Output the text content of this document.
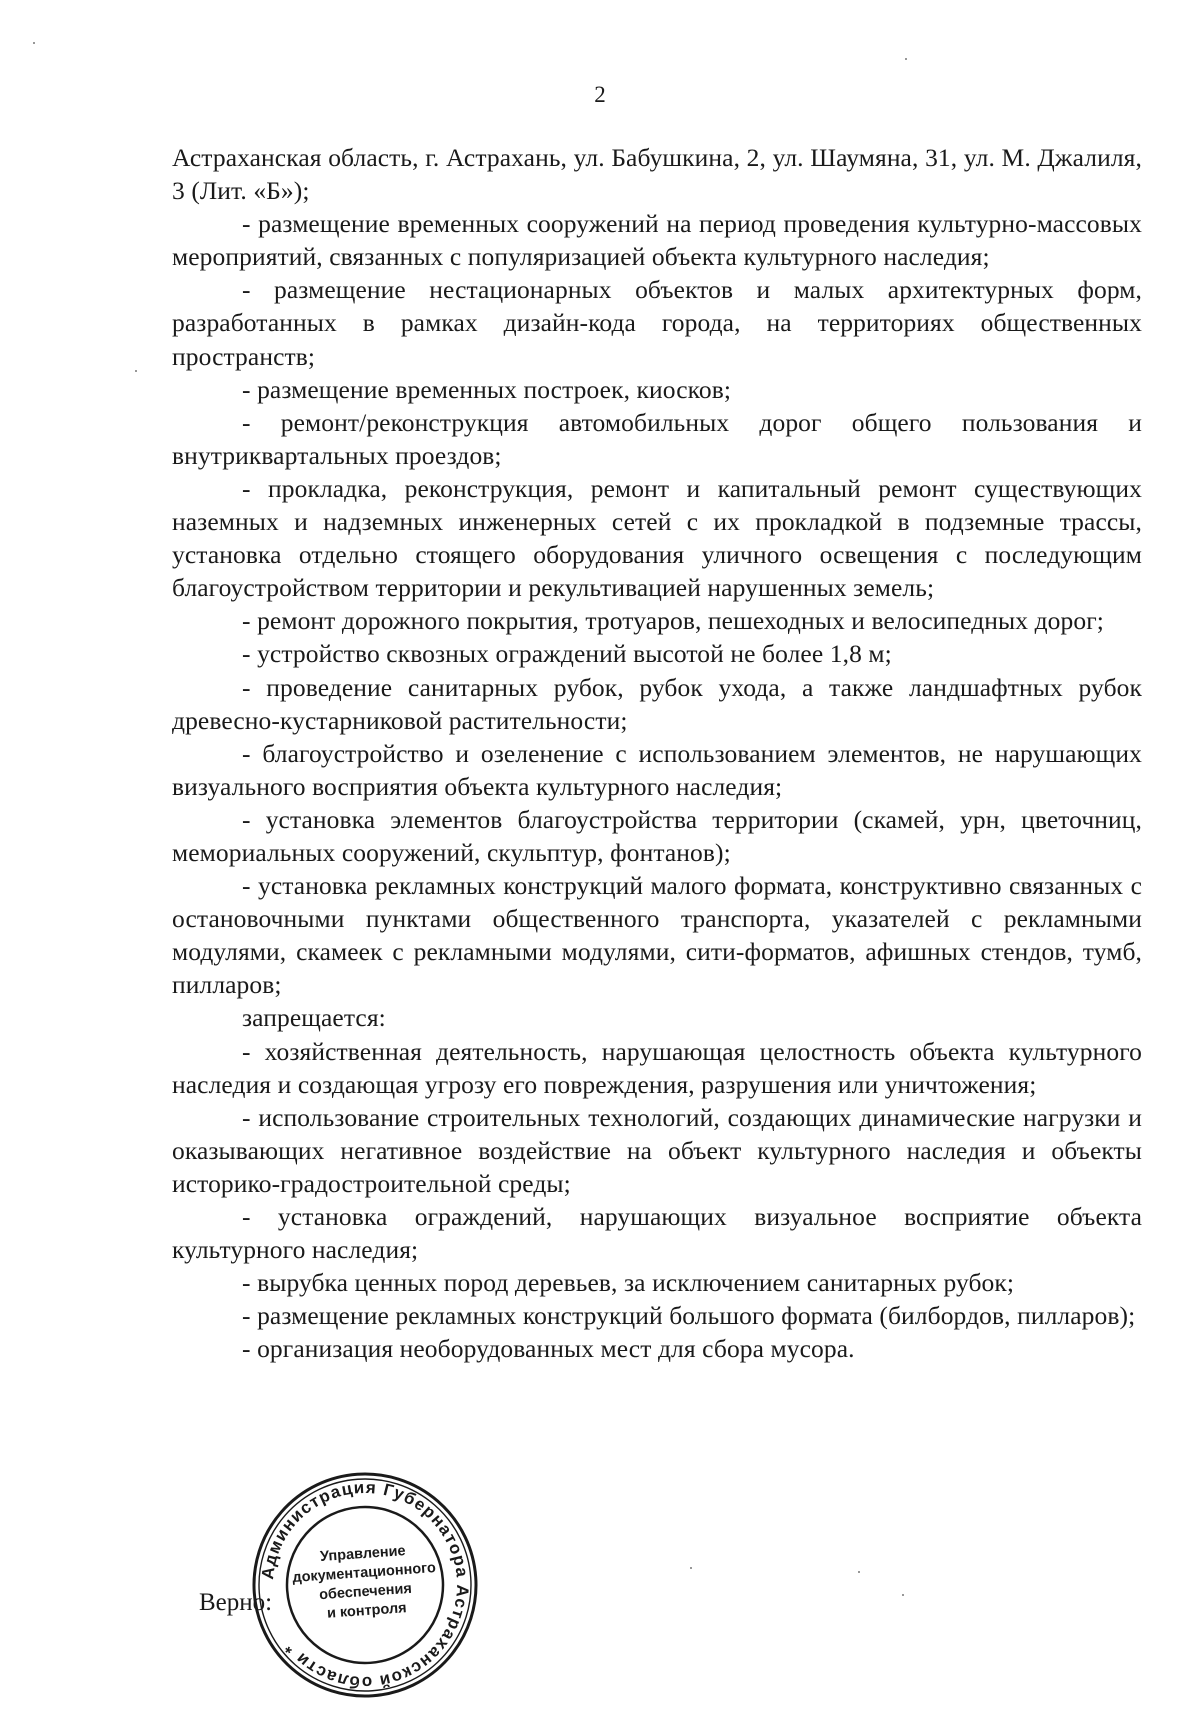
2

Астраханская область, г. Астрахань, ул. Бабушкина, 2, ул. Шаумяна, 31, ул. М. Джалиля, 3 (Лит. «Б»);

- размещение временных сооружений на период проведения культурно-массовых мероприятий, связанных с популяризацией объекта культурного наследия;

- размещение нестационарных объектов и малых архитектурных форм, разработанных в рамках дизайн-кода города, на территориях общественных пространств;

- размещение временных построек, киосков;

- ремонт/реконструкция автомобильных дорог общего пользования и внутриквартальных проездов;

- прокладка, реконструкция, ремонт и капитальный ремонт существующих наземных и надземных инженерных сетей с их прокладкой в подземные трассы, установка отдельно стоящего оборудования уличного освещения с последующим благоустройством территории и рекультивацией нарушенных земель;

- ремонт дорожного покрытия, тротуаров, пешеходных и велосипедных дорог;

- устройство сквозных ограждений высотой не более 1,8 м;

- проведение санитарных рубок, рубок ухода, а также ландшафтных рубок древесно-кустарниковой растительности;

- благоустройство и озеленение с использованием элементов, не нарушающих визуального восприятия объекта культурного наследия;

- установка элементов благоустройства территории (скамей, урн, цветочниц, мемориальных сооружений, скульптур, фонтанов);

- установка рекламных конструкций малого формата, конструктивно связанных с остановочными пунктами общественного транспорта, указателей с рекламными модулями, скамеек с рекламными модулями, сити-форматов, афишных стендов, тумб, пилларов;

запрещается:

- хозяйственная деятельность, нарушающая целостность объекта культурного наследия и создающая угрозу его повреждения, разрушения или уничтожения;

- использование строительных технологий, создающих динамические нагрузки и оказывающих негативное воздействие на объект культурного наследия и объекты историко-градостроительной среды;

- установка ограждений, нарушающих визуальное восприятие объекта культурного наследия;

- вырубка ценных пород деревьев, за исключением санитарных рубок;

- размещение рекламных конструкций большого формата (билбордов, пилларов);

- организация необорудованных мест для сбора мусора.

Верно:
Администрация Губернатора Астраханской области *
Управление
документационного
обеспечения
и контроля
